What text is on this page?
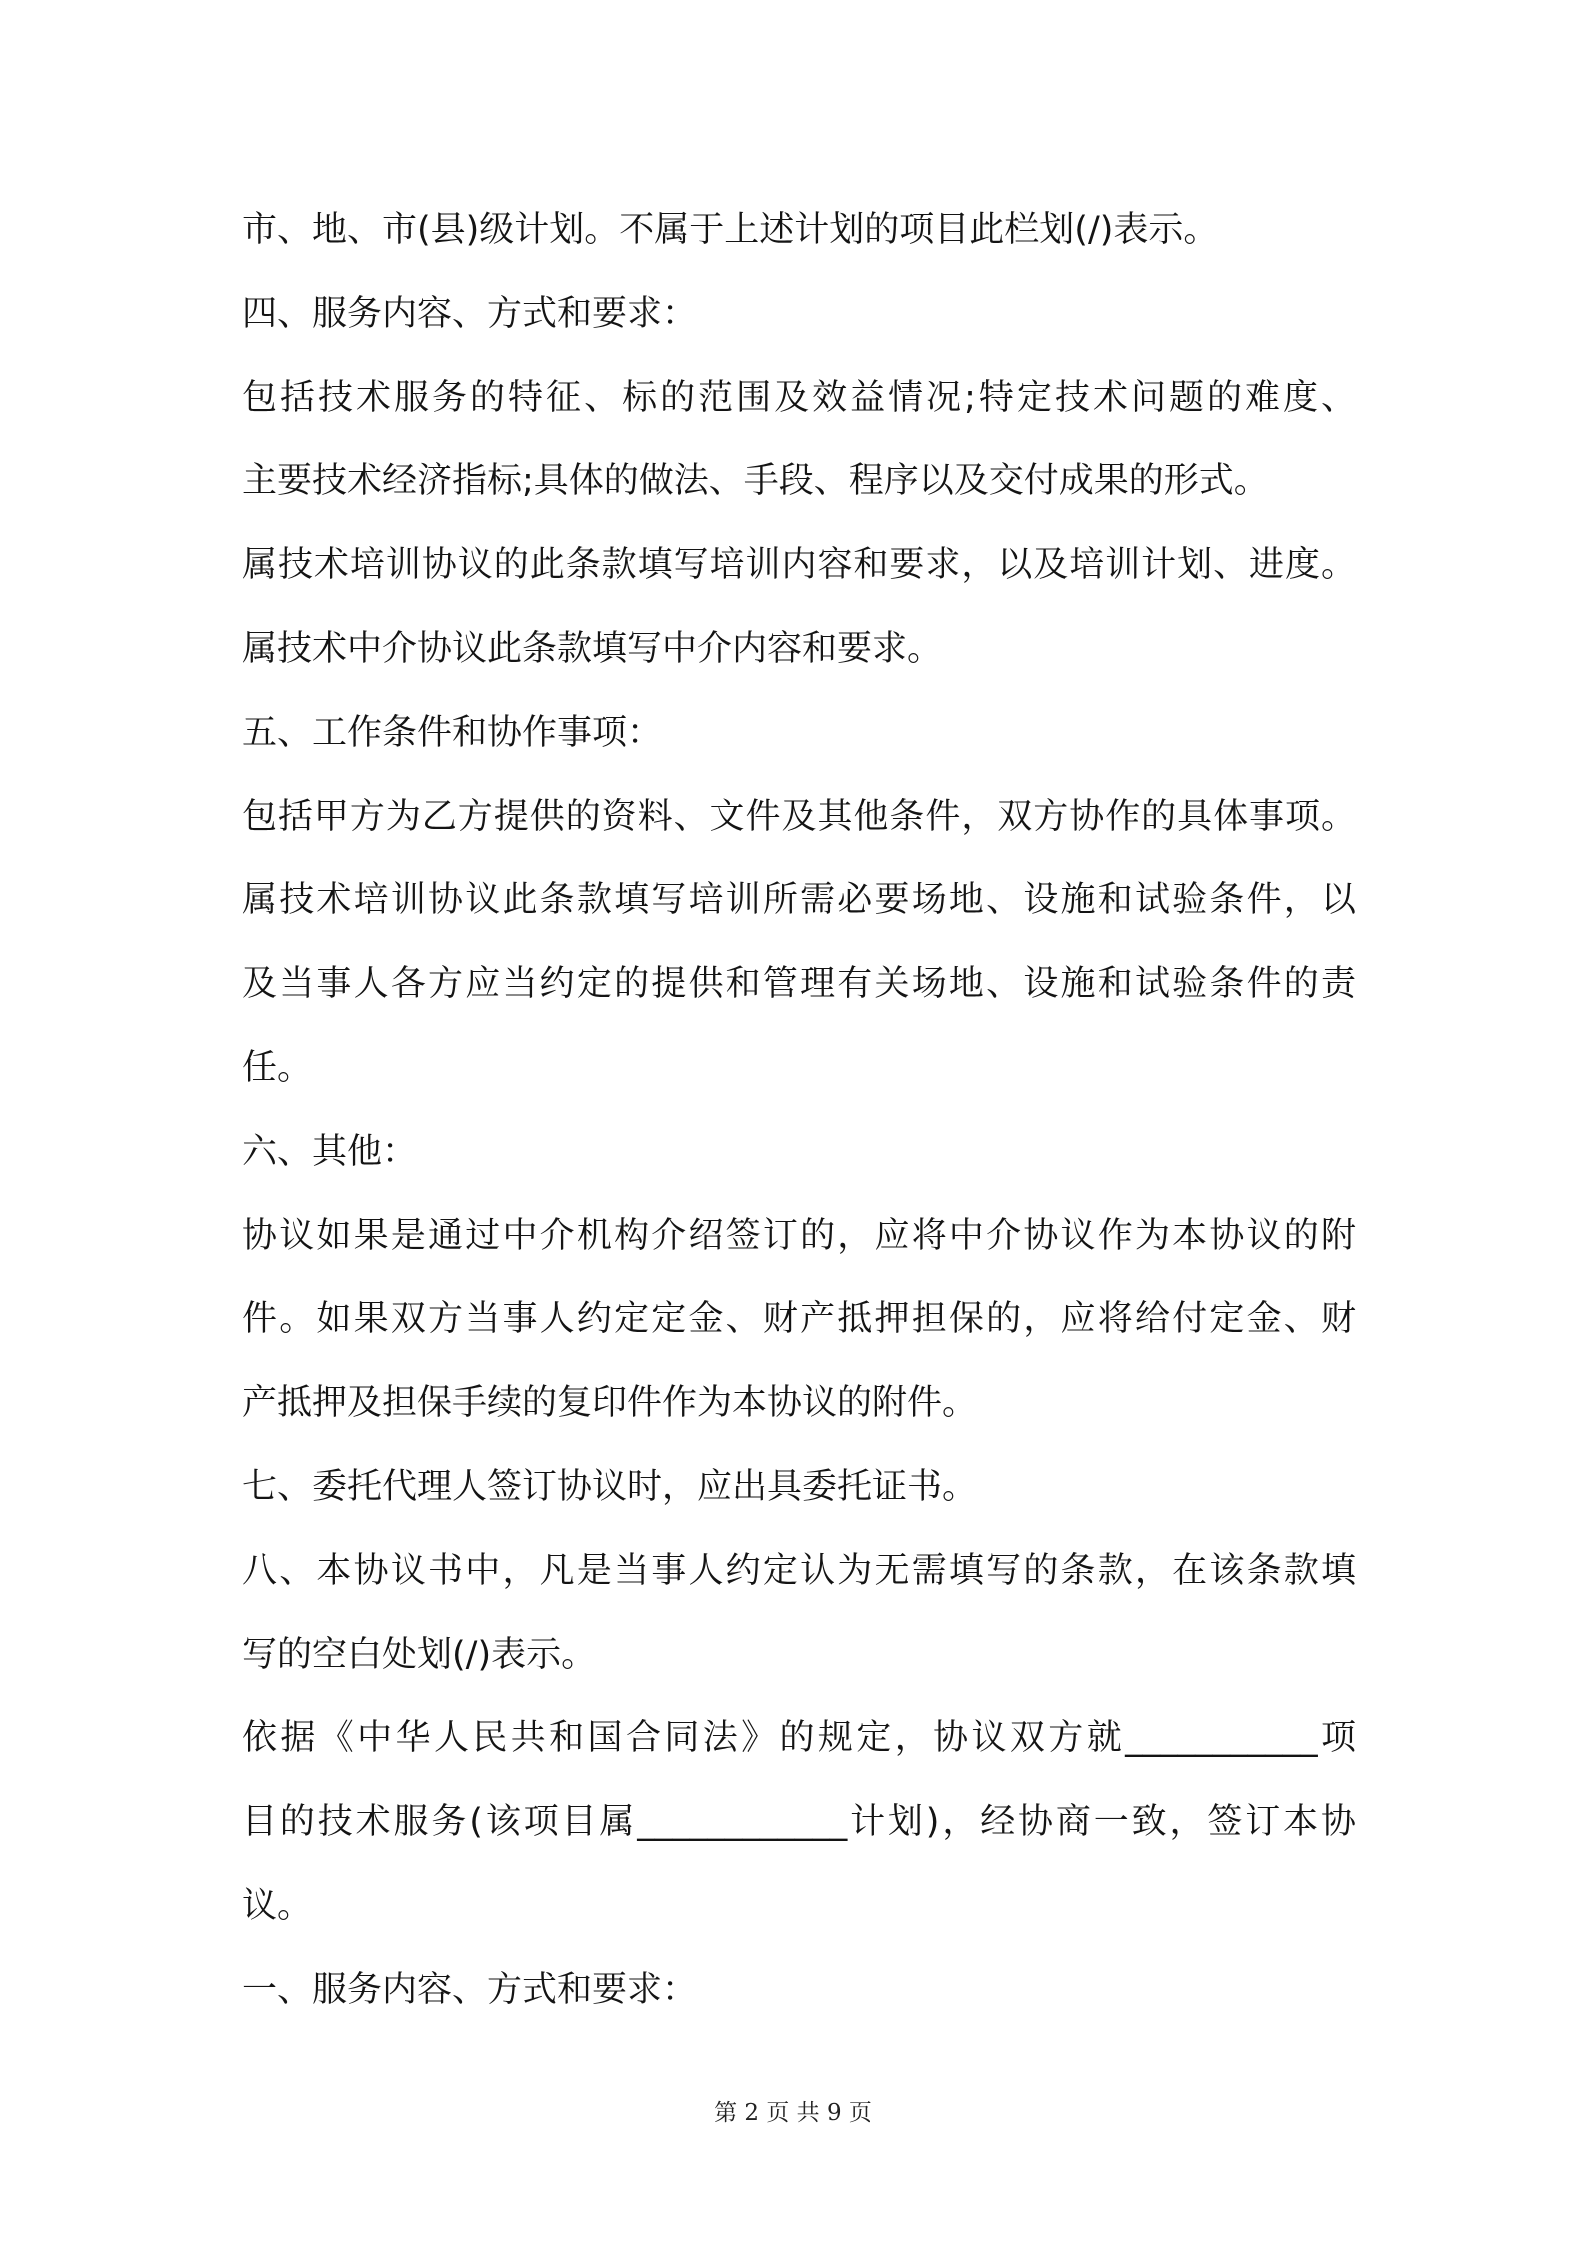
市、地、市(县)级计划。不属于上述计划的项目此栏划(/)表示。
四、服务内容、方式和要求：
包括技术服务的特征、标的范围及效益情况;特定技术问题的难度、
主要技术经济指标;具体的做法、手段、程序以及交付成果的形式。
属技术培训协议的此条款填写培训内容和要求，以及培训计划、进度。
属技术中介协议此条款填写中介内容和要求。
五、工作条件和协作事项：
包括甲方为乙方提供的资料、文件及其他条件，双方协作的具体事项。
属技术培训协议此条款填写培训所需必要场地、设施和试验条件，以
及当事人各方应当约定的提供和管理有关场地、设施和试验条件的责
任。
六、其他：
协议如果是通过中介机构介绍签订的，应将中介协议作为本协议的附
件。如果双方当事人约定定金、财产抵押担保的，应将给付定金、财
产抵押及担保手续的复印件作为本协议的附件。
七、委托代理人签订协议时，应出具委托证书。
八、本协议书中，凡是当事人约定认为无需填写的条款，在该条款填
写的空白处划(/)表示。
依据《中华人民共和国合同法》的规定，协议双方就___________项
目的技术服务(该项目属____________计划)，经协商一致，签订本协
议。
一、服务内容、方式和要求：
第 2 页 共 9 页
